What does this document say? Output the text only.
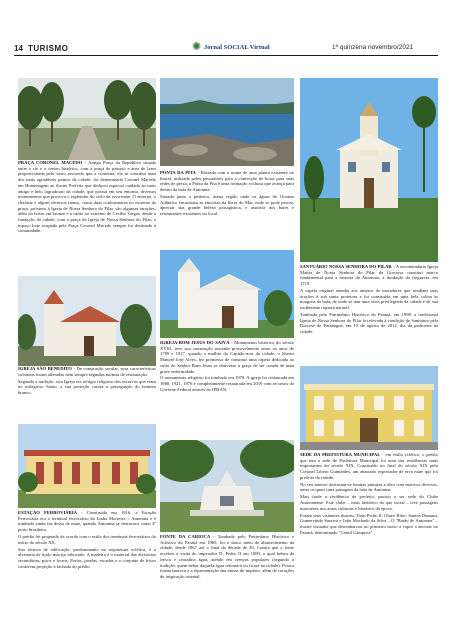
14 TURISMO	✺ Jornal SOCIAL Virtual	1ª quinzena novembro/2021

PRAÇA CORONEL MACEDO - Antiga Praça da República situada entre o rio e o centro histórico, com a praça de passeio e área de lazer proporcionada pelo vasto arvoredo que a contorna, ela se constitui num dos mais agradáveis pontos da cidade, foi denominada Coronel Macedo em Homenagem ao ilustre Prefeito que dedicou especial cuidado ao mais antigo e belo logradouro da cidade, que possui em seu entorno, diversos monumentos que provoca o esplendor do ciclo da erva-mate. O entorno, o chafariz e alguns diversos ramos, como duas conformeiras no extremo da praça, próximo à Igreja de Nossa Senhora do Pilar, são algumas atrações, além do busto em bronze e a canto no extremo de Cecílio Vargas, desde a fundação da cidade, com a praça da Igreja de Nossa Senhora do Pilar, o espaço hoje ocupado pela Praça Coronel Macedo sempre foi destinado à comunidade.

PONTA DA PITA - Baixada com o nome de uma planta existente no litoral, utilizada pelos pescadores para a confecção de boias para suas redes de pesca, a Ponta da Pita é uma formação rochosa que avança para dentro da baía de Antonina.

Situada junto a pedreira, numa região onde os águas do Oceano Atlântico encontram as encostas da Serra do Mar, onde se pode pescar, apreciar sua grande beleza paisagística, e usufruir dos bares e restaurantes existentes no local.

SANTUÁRIO NOSSA SENHORA DO PILAR - A encomendaria Igreja Matriz de Nossa Senhora do Pilar da Graciosa constitui marco fundamental para a história de Antonina, a fundação da freguesia, em 1719.

A capela original atendia aos anseios de moradores que rendiam suas orações à sua santa protetora e foi construída em uma bela colina às margens da baía, de onde se tem uma vista privilegiada da cidade e de sua exuberante riqueza natural.

Tombada pelo Patrimônio Histórico do Paraná, em 1998, a tradicional Igreja de Nossa Senhora do Pilar foi elevada à condição de Santuário pela Diocese de Paranaguá, em 15 de agosto de 2012, dia da padroeira na cidade.

IGREJA SÃO BENEDITO - De construção secular, suas características coloniais foram alteradas nem sempre seguidas normas de restauração.

Segundo a tradição, esta Igreja era refúgio religioso dos escravos que viam no milagroso Santo, a sua proteção contra a perseguição do homem branco.

IGREJA BOM JESUS DO SAIVÁ - Monumento histórico do século XVIII, teve sua construção iniciada provavelmente entre os anos de 1789 e 1817, quando a mulher do Capitão-mor da cidade, o liberto Manoel José Alves, fez promessa de construir uma capela dedicada ao culto do Senhor Bom Jesus se obtivesse a graça de ser curada de uma grave enfermidade.

O monumento religioso foi tombado em 1970. A igreja foi restaurada em 1980, 1921, 1976 e completamente restaurada em 2019 com recursos do Governo Federal através do IPHAN.

SEDE DA PREFEITURA MUNICIPAL - em estilo eclético, o prédio que tem a sede de Prefeitura Municipal foi uma das residências mais importantes do século XIX. Construído no final do século XIX pelo Coronel Libero Guimarães, um abastado exportador de erva mate que foi prefeito da cidade.

No seu interior destacam-se bonitas pinturas a óleo com motivos diversos, entre os quais uma paisagem da baía de Antonina.

Mais tarde a residência de prefeito, passou a ser sede do Clube Antoninense. Este clube – mais histórico do que social – teve passagens marcantes nos anais culturais e literários da época.

Foram seus visitantes ilustres: Dom Pedro II, Olavo Bilac, Santos Dumont, Gumercindo Saraiva e João Machado da Silva – O "Barão de Antonina" – ilustre visitante que desembarcou no primeiro navio a vapor a ancorar no Paraná, denominado "Gentil Campista".

ESTAÇÃO FERROVIÁRIA - Construída em 1916, a Estação Ferroviária era o terminal ferroviário da Linha Morretes – Antonina e é tombado ainda faz dessa de mate, quando Antonina se destacava como 4º porto brasileiro.

O prédio foi projetado de acordo com o estilo dos terminais ferroviários do início do século XX.

Sua técnica de edificação, predominante na arquitetura eclética, é a alvenaria de tijolo maciço rebocado. A madeira é o material das divisórias secundárias, pisos e forros. Portas, janelas, escadas e o conjunto de frisos conferem projeção à fachada do prédio.

FONTE DA CARIOCA - Tombada pelo Patrimônio Histórico e Artístico do Paraná em 1969, foi o único meio de abastecimento da cidade, desde 1867 até o final da década de 30. Consta que a fonte recebeu a visita do imperador D. Pedro II em 1880, o qual bebeu da fresca e cristalina água, atendo em crenças populares (segundo a tradição, quem beber daquela água retornará ou ficará na cidade). Possui forma barroca e a representação das armas do império, além de corações de inspiração oriental.
